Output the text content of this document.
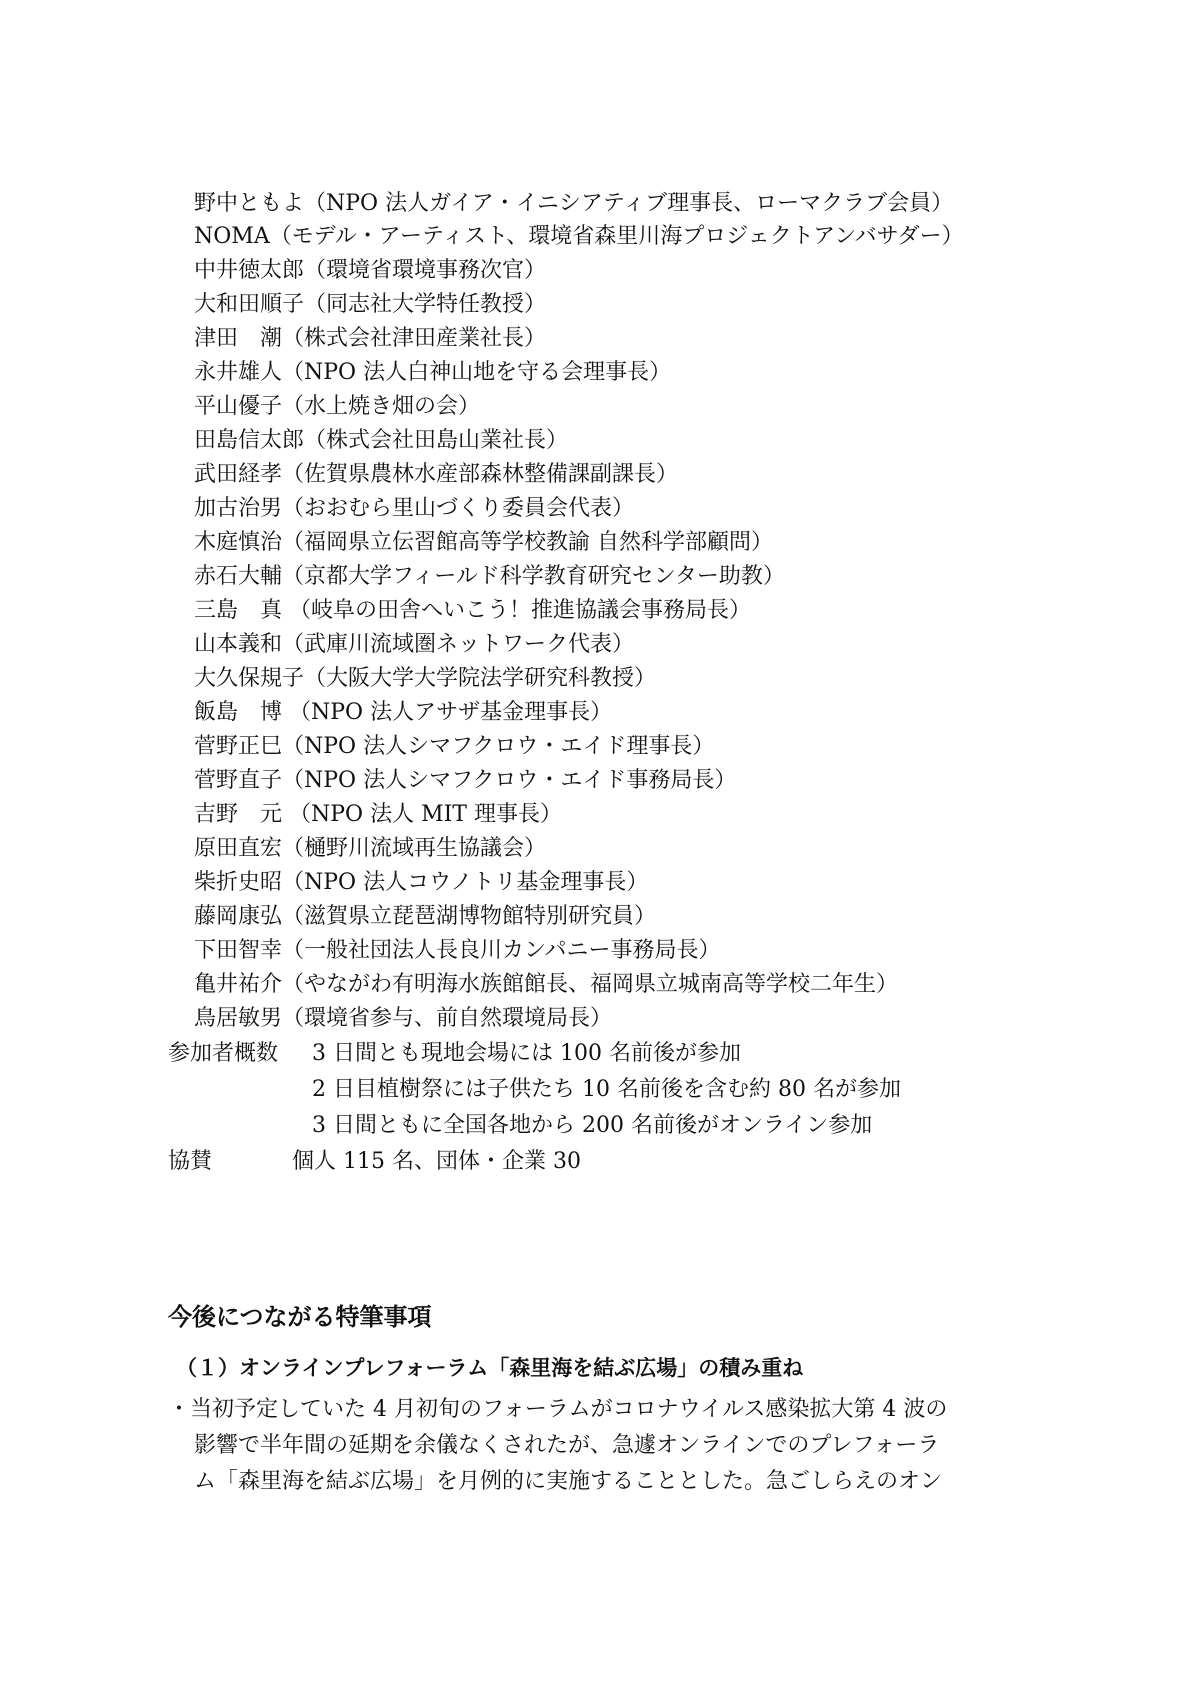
野中ともよ（NPO 法人ガイア・イニシアティブ理事長、ローマクラブ会員）
NOMA（モデル・アーティスト、環境省森里川海プロジェクトアンバサダー）
中井徳太郎（環境省環境事務次官）
大和田順子（同志社大学特任教授）
津田　潮（株式会社津田産業社長）
永井雄人（NPO 法人白神山地を守る会理事長）
平山優子（水上焼き畑の会）
田島信太郎（株式会社田島山業社長）
武田経孝（佐賀県農林水産部森林整備課副課長）
加古治男（おおむら里山づくり委員会代表）
木庭慎治（福岡県立伝習館高等学校教諭 自然科学部顧問）
赤石大輔（京都大学フィールド科学教育研究センター助教）
三島　真 （岐阜の田舎へいこう！推進協議会事務局長）
山本義和（武庫川流域圏ネットワーク代表）
大久保規子（大阪大学大学院法学研究科教授）
飯島　博 （NPO 法人アサザ基金理事長）
菅野正巳（NPO 法人シマフクロウ・エイド理事長）
菅野直子（NPO 法人シマフクロウ・エイド事務局長）
吉野　元 （NPO 法人 MIT 理事長）
原田直宏（樋野川流域再生協議会）
柴折史昭（NPO 法人コウノトリ基金理事長）
藤岡康弘（滋賀県立琵琶湖博物館特別研究員）
下田智幸（一般社団法人長良川カンパニー事務局長）
亀井祐介（やながわ有明海水族館館長、福岡県立城南高等学校二年生）
鳥居敏男（環境省参与、前自然環境局長）
参加者概数 3 日間とも現地会場には 100 名前後が参加
2 日目植樹祭には子供たち 10 名前後を含む約 80 名が参加
3 日間ともに全国各地から 200 名前後がオンライン参加
協賛	個人 115 名、団体・企業 30
今後につながる特筆事項
（１）オンラインプレフォーラム「森里海を結ぶ広場」の積み重ね
・当初予定していた 4 月初旬のフォーラムがコロナウイルス感染拡大第 4 波の
影響で半年間の延期を余儀なくされたが、急遽オンラインでのプレフォーラ
ム「森里海を結ぶ広場」を月例的に実施することとした。急ごしらえのオン
